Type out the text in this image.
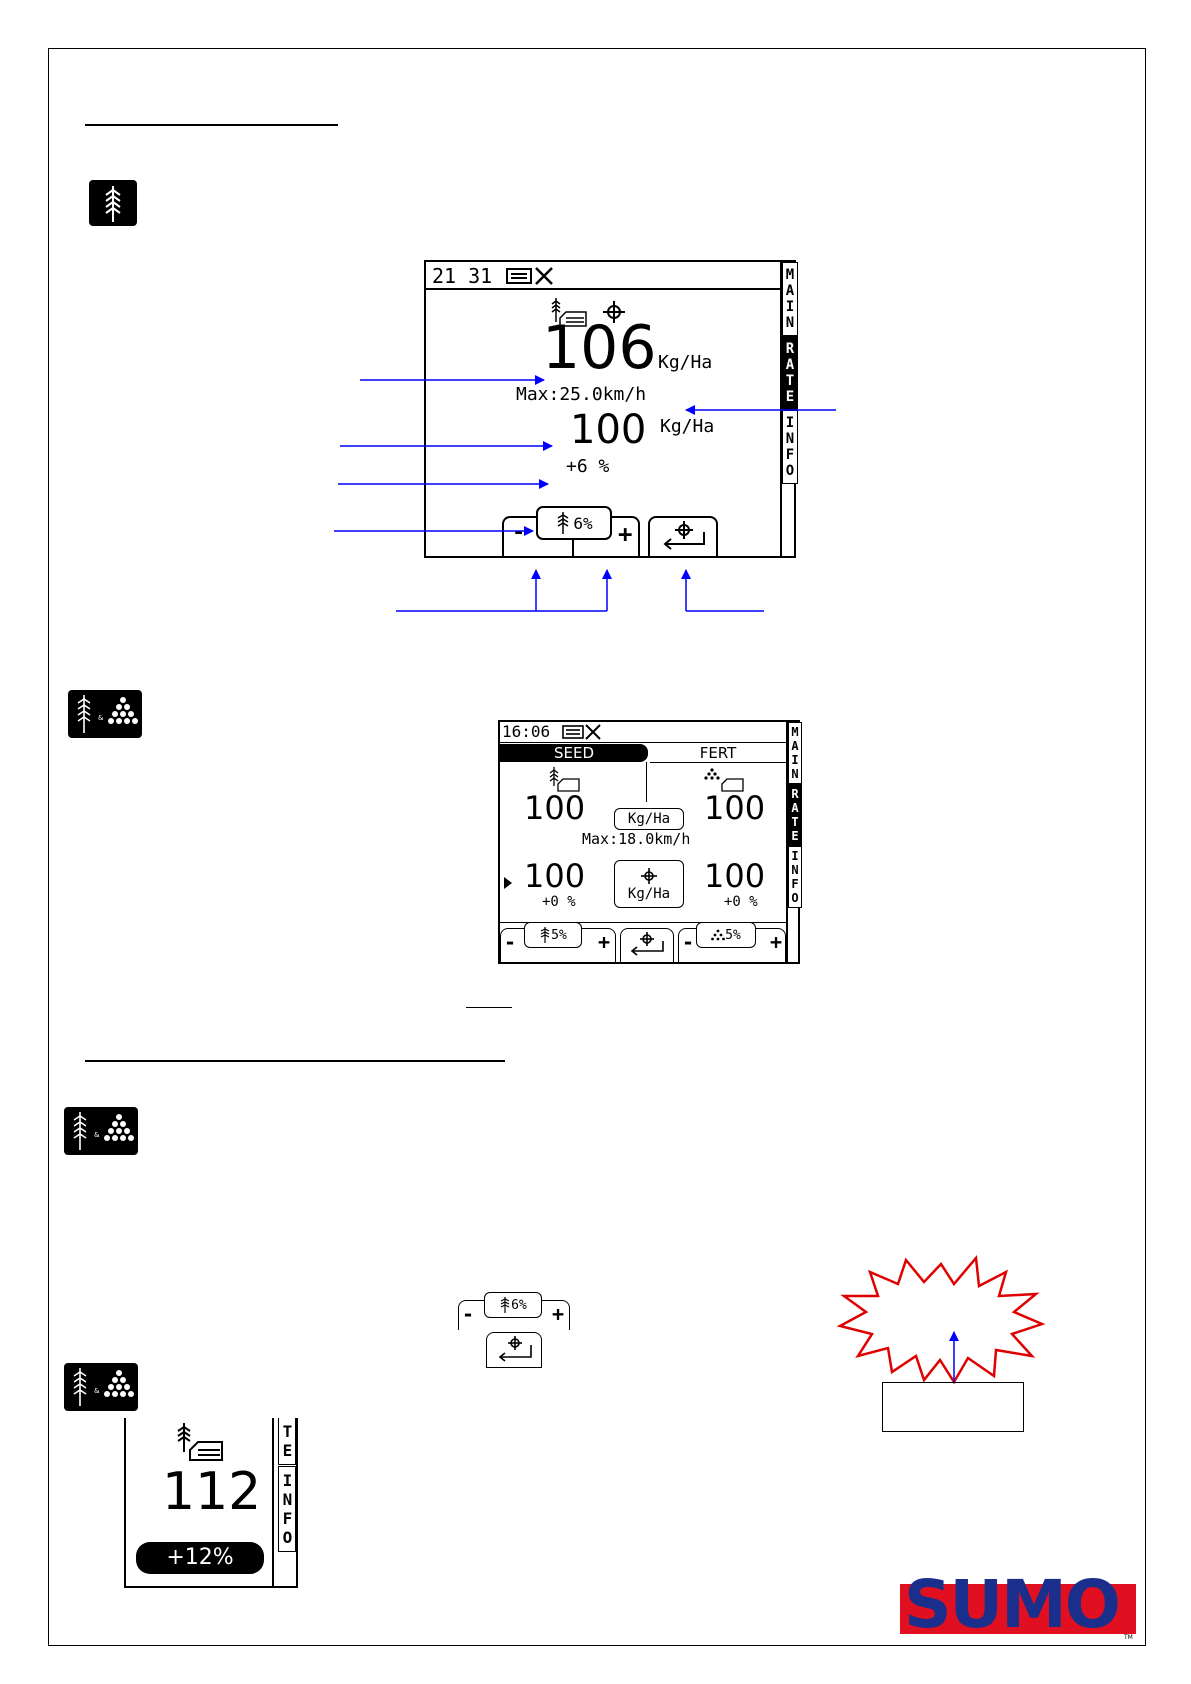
&
&
&
21 31	MAIN
RATE
INFO
106 Kg/Ha
Max:25.0km/h
100 Kg/Ha
+6 %
-	+
6%
16:06
SEED	FERT	MAIN
RATE
INFO
100	100
Kg/Ha
Max:18.0km/h
100	100
+0 %	+0 %
Kg/Ha
-	+
5%	-	+
5%
-	+
6%
TE
INFO
112
+12%
SUMO TM
